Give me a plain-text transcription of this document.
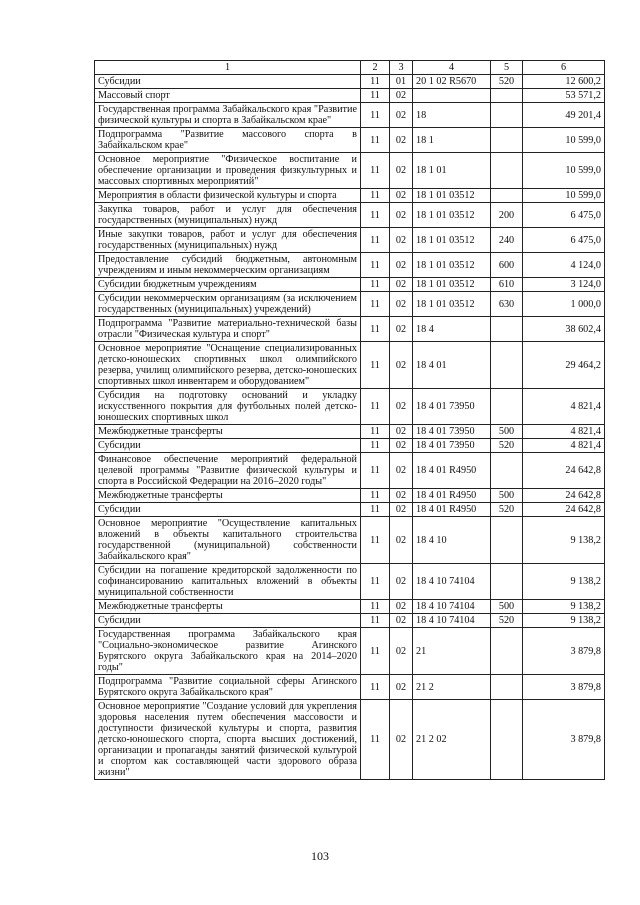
1	2	3	4	5	6
Субсидии	11	01	20 1 02 R5670	520	12 600,2
Массовый спорт	11	02			53 571,2
Государственная программа Забайкальского края "Развитие физической культуры и спорта в Забайкальском крае"	11	02	18		49 201,4
Подпрограмма "Развитие массового спорта в Забайкальском крае"	11	02	18 1		10 599,0
Основное мероприятие "Физическое воспитание и обеспечение организации и проведения физкультурных и массовых спортивных мероприятий"	11	02	18 1 01		10 599,0
Мероприятия в области физической культуры и спорта	11	02	18 1 01 03512		10 599,0
Закупка товаров, работ и услуг для обеспечения государственных (муниципальных) нужд	11	02	18 1 01 03512	200	6 475,0
Иные закупки товаров, работ и услуг для обеспечения государственных (муниципальных) нужд	11	02	18 1 01 03512	240	6 475,0
Предоставление субсидий бюджетным, автономным учреждениям и иным некоммерческим организациям	11	02	18 1 01 03512	600	4 124,0
Субсидии бюджетным учреждениям	11	02	18 1 01 03512	610	3 124,0
Субсидии некоммерческим организациям (за исключением государственных (муниципальных) учреждений)	11	02	18 1 01 03512	630	1 000,0
Подпрограмма "Развитие материально-технической базы отрасли "Физическая культура и спорт"	11	02	18 4		38 602,4
Основное мероприятие "Оснащение специализированных детско-юношеских спортивных школ олимпийского резерва, училищ олимпийского резерва, детско-юношеских спортивных школ инвентарем и оборудованием"	11	02	18 4 01		29 464,2
Субсидия на подготовку оснований и укладку искусственного покрытия для футбольных полей детско-юношеских спортивных школ	11	02	18 4 01 73950		4 821,4
Межбюджетные трансферты	11	02	18 4 01 73950	500	4 821,4
Субсидии	11	02	18 4 01 73950	520	4 821,4
Финансовое обеспечение мероприятий федеральной целевой программы "Развитие физической культуры и спорта в Российской Федерации на 2016–2020 годы"	11	02	18 4 01 R4950		24 642,8
Межбюджетные трансферты	11	02	18 4 01 R4950	500	24 642,8
Субсидии	11	02	18 4 01 R4950	520	24 642,8
Основное мероприятие "Осуществление капитальных вложений в объекты капитального строительства государственной (муниципальной) собственности Забайкальского края"	11	02	18 4 10		9 138,2
Субсидии на погашение кредиторской задолженности по софинансированию капитальных вложений в объекты муниципальной собственности	11	02	18 4 10 74104		9 138,2
Межбюджетные трансферты	11	02	18 4 10 74104	500	9 138,2
Субсидии	11	02	18 4 10 74104	520	9 138,2
Государственная программа Забайкальского края "Социально-экономическое развитие Агинского Бурятского округа Забайкальского края на 2014–2020 годы"	11	02	21		3 879,8
Подпрограмма "Развитие социальной сферы Агинского Бурятского округа Забайкальского края"	11	02	21 2		3 879,8
Основное мероприятие "Создание условий для укрепления здоровья населения путем обеспечения массовости и доступности физической культуры и спорта, развития детско-юношеского спорта, спорта высших достижений, организации и пропаганды занятий физической культурой и спортом как составляющей части здорового образа жизни"	11	02	21 2 02		3 879,8
103
